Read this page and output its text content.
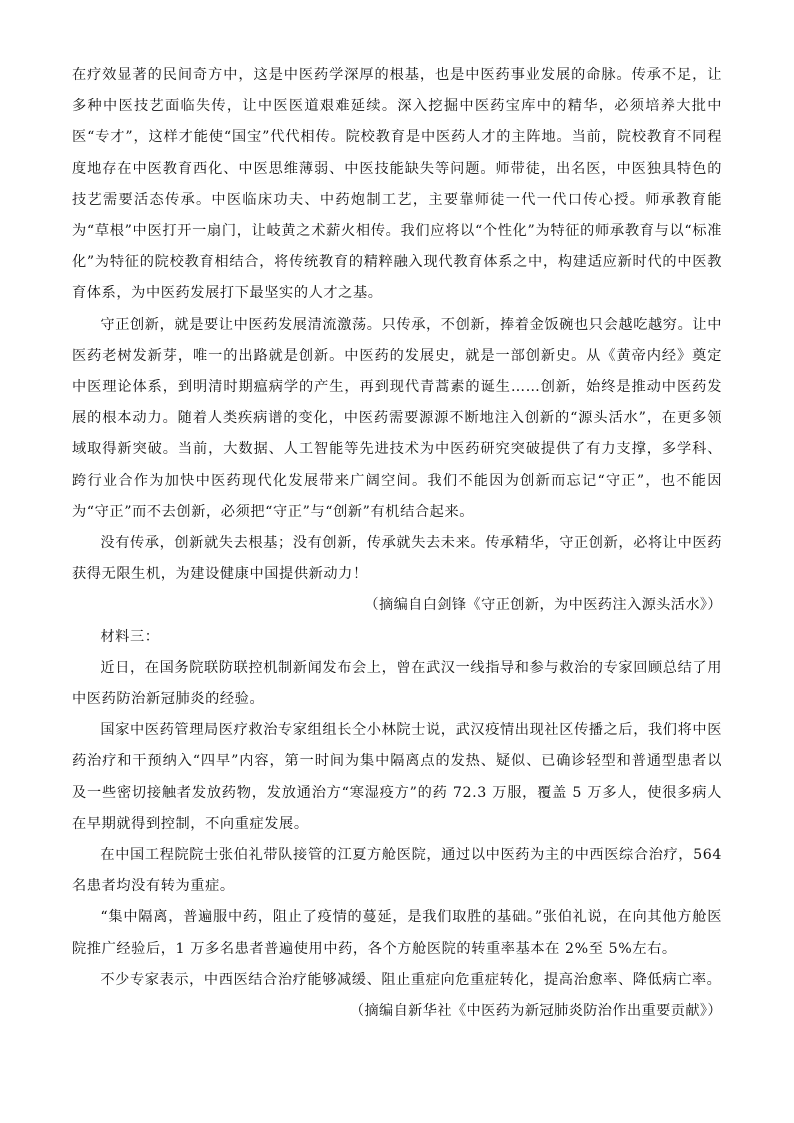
在疗效显著的民间奇方中，这是中医药学深厚的根基，也是中医药事业发展的命脉。传承不足，让多种中医技艺面临失传，让中医医道艰难延续。深入挖掘中医药宝库中的精华，必须培养大批中医“专才”，这样才能使“国宝”代代相传。院校教育是中医药人才的主阵地。当前，院校教育不同程度地存在中医教育西化、中医思维薄弱、中医技能缺失等问题。师带徒，出名医，中医独具特色的技艺需要活态传承。中医临床功夫、中药炮制工艺，主要靠师徒一代一代口传心授。师承教育能为“草根”中医打开一扇门，让岐黄之术薪火相传。我们应将以“个性化”为特征的师承教育与以“标准化”为特征的院校教育相结合，将传统教育的精粹融入现代教育体系之中，构建适应新时代的中医教育体系，为中医药发展打下最坚实的人才之基。

守正创新，就是要让中医药发展清流激荡。只传承，不创新，捧着金饭碗也只会越吃越穷。让中医药老树发新芽，唯一的出路就是创新。中医药的发展史，就是一部创新史。从《黄帝内经》奠定中医理论体系，到明清时期瘟病学的产生，再到现代青蒿素的诞生……创新，始终是推动中医药发展的根本动力。随着人类疾病谱的变化，中医药需要源源不断地注入创新的“源头活水”，在更多领域取得新突破。当前，大数据、人工智能等先进技术为中医药研究突破提供了有力支撑，多学科、跨行业合作为加快中医药现代化发展带来广阔空间。我们不能因为创新而忘记“守正”，也不能因为“守正”而不去创新，必须把“守正”与“创新”有机结合起来。

没有传承，创新就失去根基；没有创新，传承就失去未来。传承精华，守正创新，必将让中医药获得无限生机，为建设健康中国提供新动力！

（摘编自白剑锋《守正创新，为中医药注入源头活水》）

材料三：

近日，在国务院联防联控机制新闻发布会上，曾在武汉一线指导和参与救治的专家回顾总结了用中医药防治新冠肺炎的经验。

国家中医药管理局医疗救治专家组组长仝小林院士说，武汉疫情出现社区传播之后，我们将中医药治疗和干预纳入“四早”内容，第一时间为集中隔离点的发热、疑似、已确诊轻型和普通型患者以及一些密切接触者发放药物，发放通治方“寒湿疫方”的药 72.3 万服，覆盖 5 万多人，使很多病人在早期就得到控制，不向重症发展。

在中国工程院院士张伯礼带队接管的江夏方舱医院，通过以中医药为主的中西医综合治疗，564 名患者均没有转为重症。

“集中隔离，普遍服中药，阻止了疫情的蔓延，是我们取胜的基础。”张伯礼说，在向其他方舱医院推广经验后，1 万多名患者普遍使用中药，各个方舱医院的转重率基本在 2%至 5%左右。

不少专家表示，中西医结合治疗能够减缓、阻止重症向危重症转化，提高治愈率、降低病亡率。

（摘编自新华社《中医药为新冠肺炎防治作出重要贡献》）
